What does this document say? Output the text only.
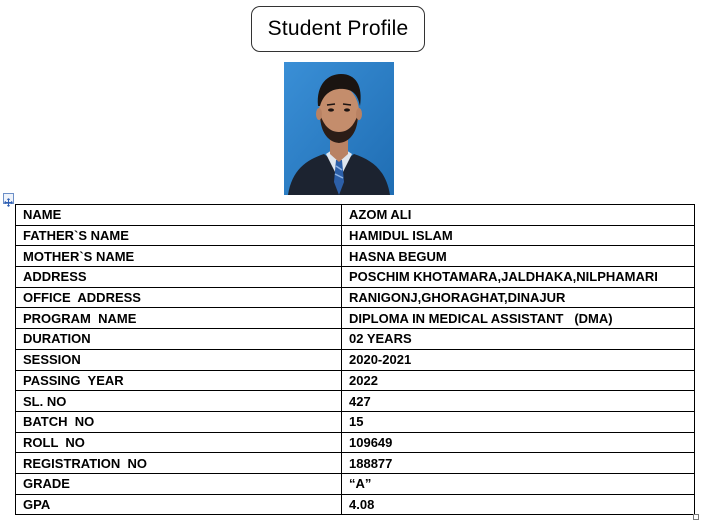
Student Profile
NAME	AZOM ALI
FATHER`S NAME	HAMIDUL ISLAM
MOTHER`S NAME	HASNA BEGUM
ADDRESS	POSCHIM KHOTAMARA,JALDHAKA,NILPHAMARI
OFFICE  ADDRESS	RANIGONJ,GHORAGHAT,DINAJUR
PROGRAM  NAME	DIPLOMA IN MEDICAL ASSISTANT   (DMA)
DURATION	02 YEARS
SESSION	2020-2021
PASSING  YEAR	2022
SL. NO	427
BATCH  NO	15
ROLL  NO	109649
REGISTRATION  NO	188877
GRADE	“A”
GPA	4.08
